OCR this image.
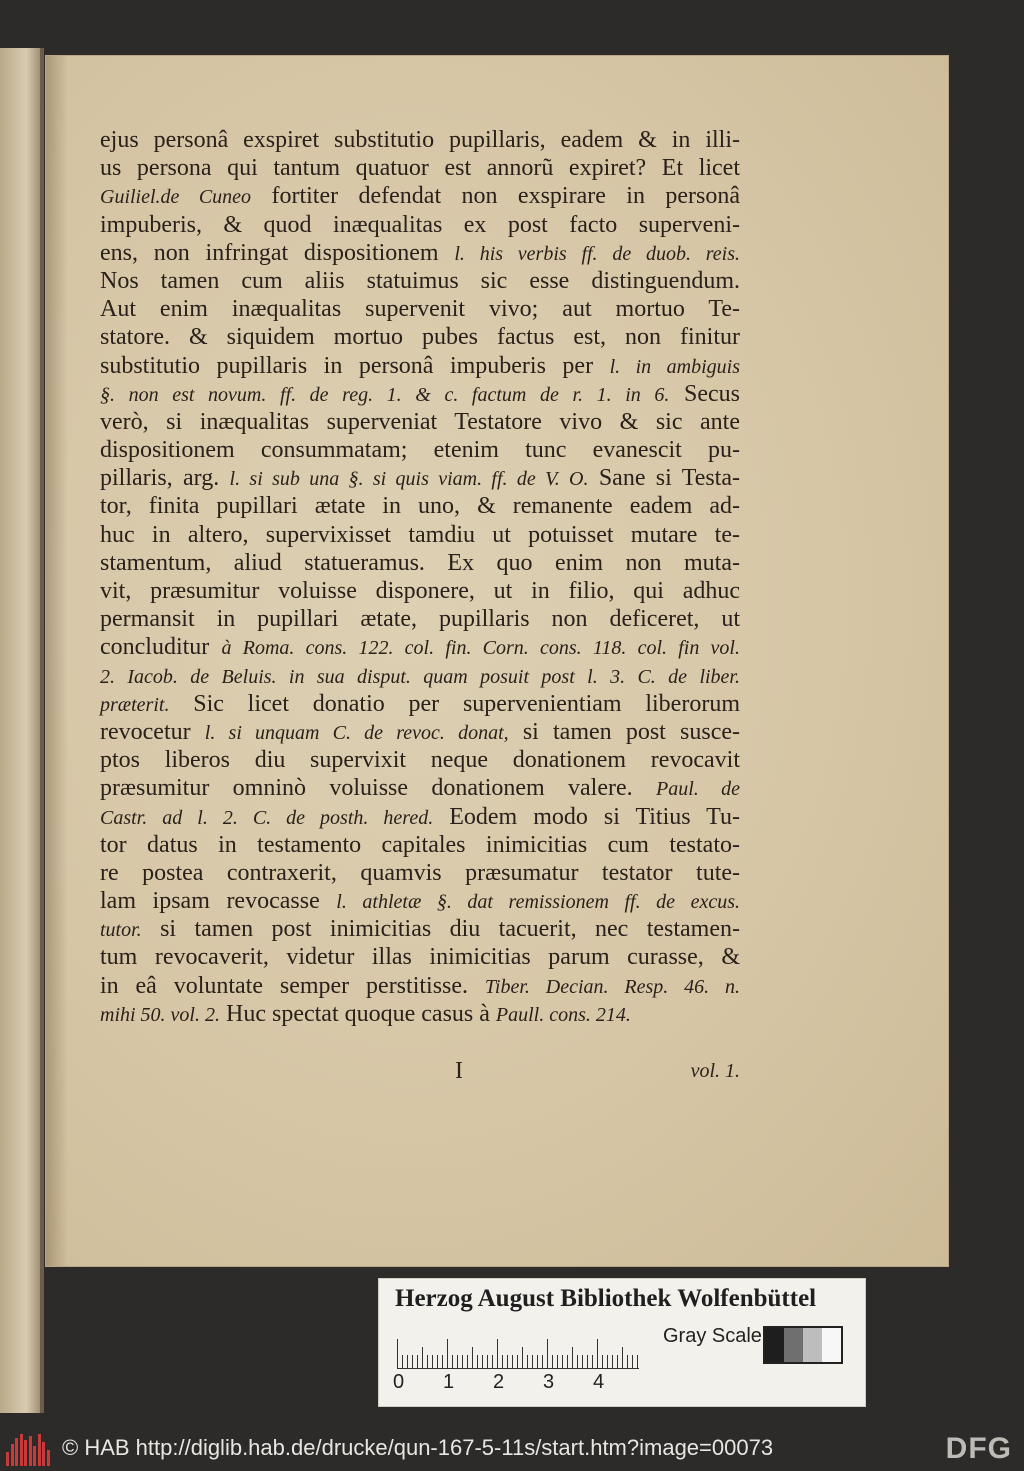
ejus personâ exspiret substitutio pupillaris, eadem & in illi-
us persona qui tantum quatuor est annorũ expiret? Et licet
Guiliel.de Cuneo fortiter defendat non exspirare in personâ
impuberis, & quod inæqualitas ex post facto superveni-
ens, non infringat dispositionem l. his verbis ff. de duob. reis.
Nos tamen cum aliis statuimus sic esse distinguendum.
Aut enim inæqualitas supervenit vivo; aut mortuo Te-
statore. & siquidem mortuo pubes factus est, non finitur
substitutio pupillaris in personâ impuberis per l. in ambiguis
§. non est novum. ff. de reg. 1. & c. factum de r. 1. in 6. Secus
verò, si inæqualitas superveniat Testatore vivo & sic ante
dispositionem consummatam; etenim tunc evanescit pu-
pillaris, arg. l. si sub una §. si quis viam. ff. de V. O. Sane si Testa-
tor, finita pupillari ætate in uno, & remanente eadem ad-
huc in altero, supervixisset tamdiu ut potuisset mutare te-
stamentum, aliud statueramus. Ex quo enim non muta-
vit, præsumitur voluisse disponere, ut in filio, qui adhuc
permansit in pupillari ætate, pupillaris non deficeret, ut
concluditur à Roma. cons. 122. col. fin. Corn. cons. 118. col. fin vol.
2. Iacob. de Beluis. in sua disput. quam posuit post l. 3. C. de liber.
præterit. Sic licet donatio per supervenientiam liberorum
revocetur l. si unquam C. de revoc. donat, si tamen post susce-
ptos liberos diu supervixit neque donationem revocavit
præsumitur omninò voluisse donationem valere. Paul. de
Castr. ad l. 2. C. de posth. hered. Eodem modo si Titius Tu-
tor datus in testamento capitales inimicitias cum testato-
re postea contraxerit, quamvis præsumatur testator tute-
lam ipsam revocasse l. athletæ §. dat remissionem ff. de excus.
tutor. si tamen post inimicitias diu tacuerit, nec testamen-
tum revocaverit, videtur illas inimicitias parum curasse, &
in eâ voluntate semper perstitisse. Tiber. Decian. Resp. 46. n.
mihi 50. vol. 2. Huc spectat quoque casus à Paull. cons. 214.
I	vol. 1.
Herzog August Bibliothek Wolfenbüttel
0 1 2 3 4
Gray Scale
© HAB http://diglib.hab.de/drucke/qun-167-5-11s/start.htm?image=00073	DFG
